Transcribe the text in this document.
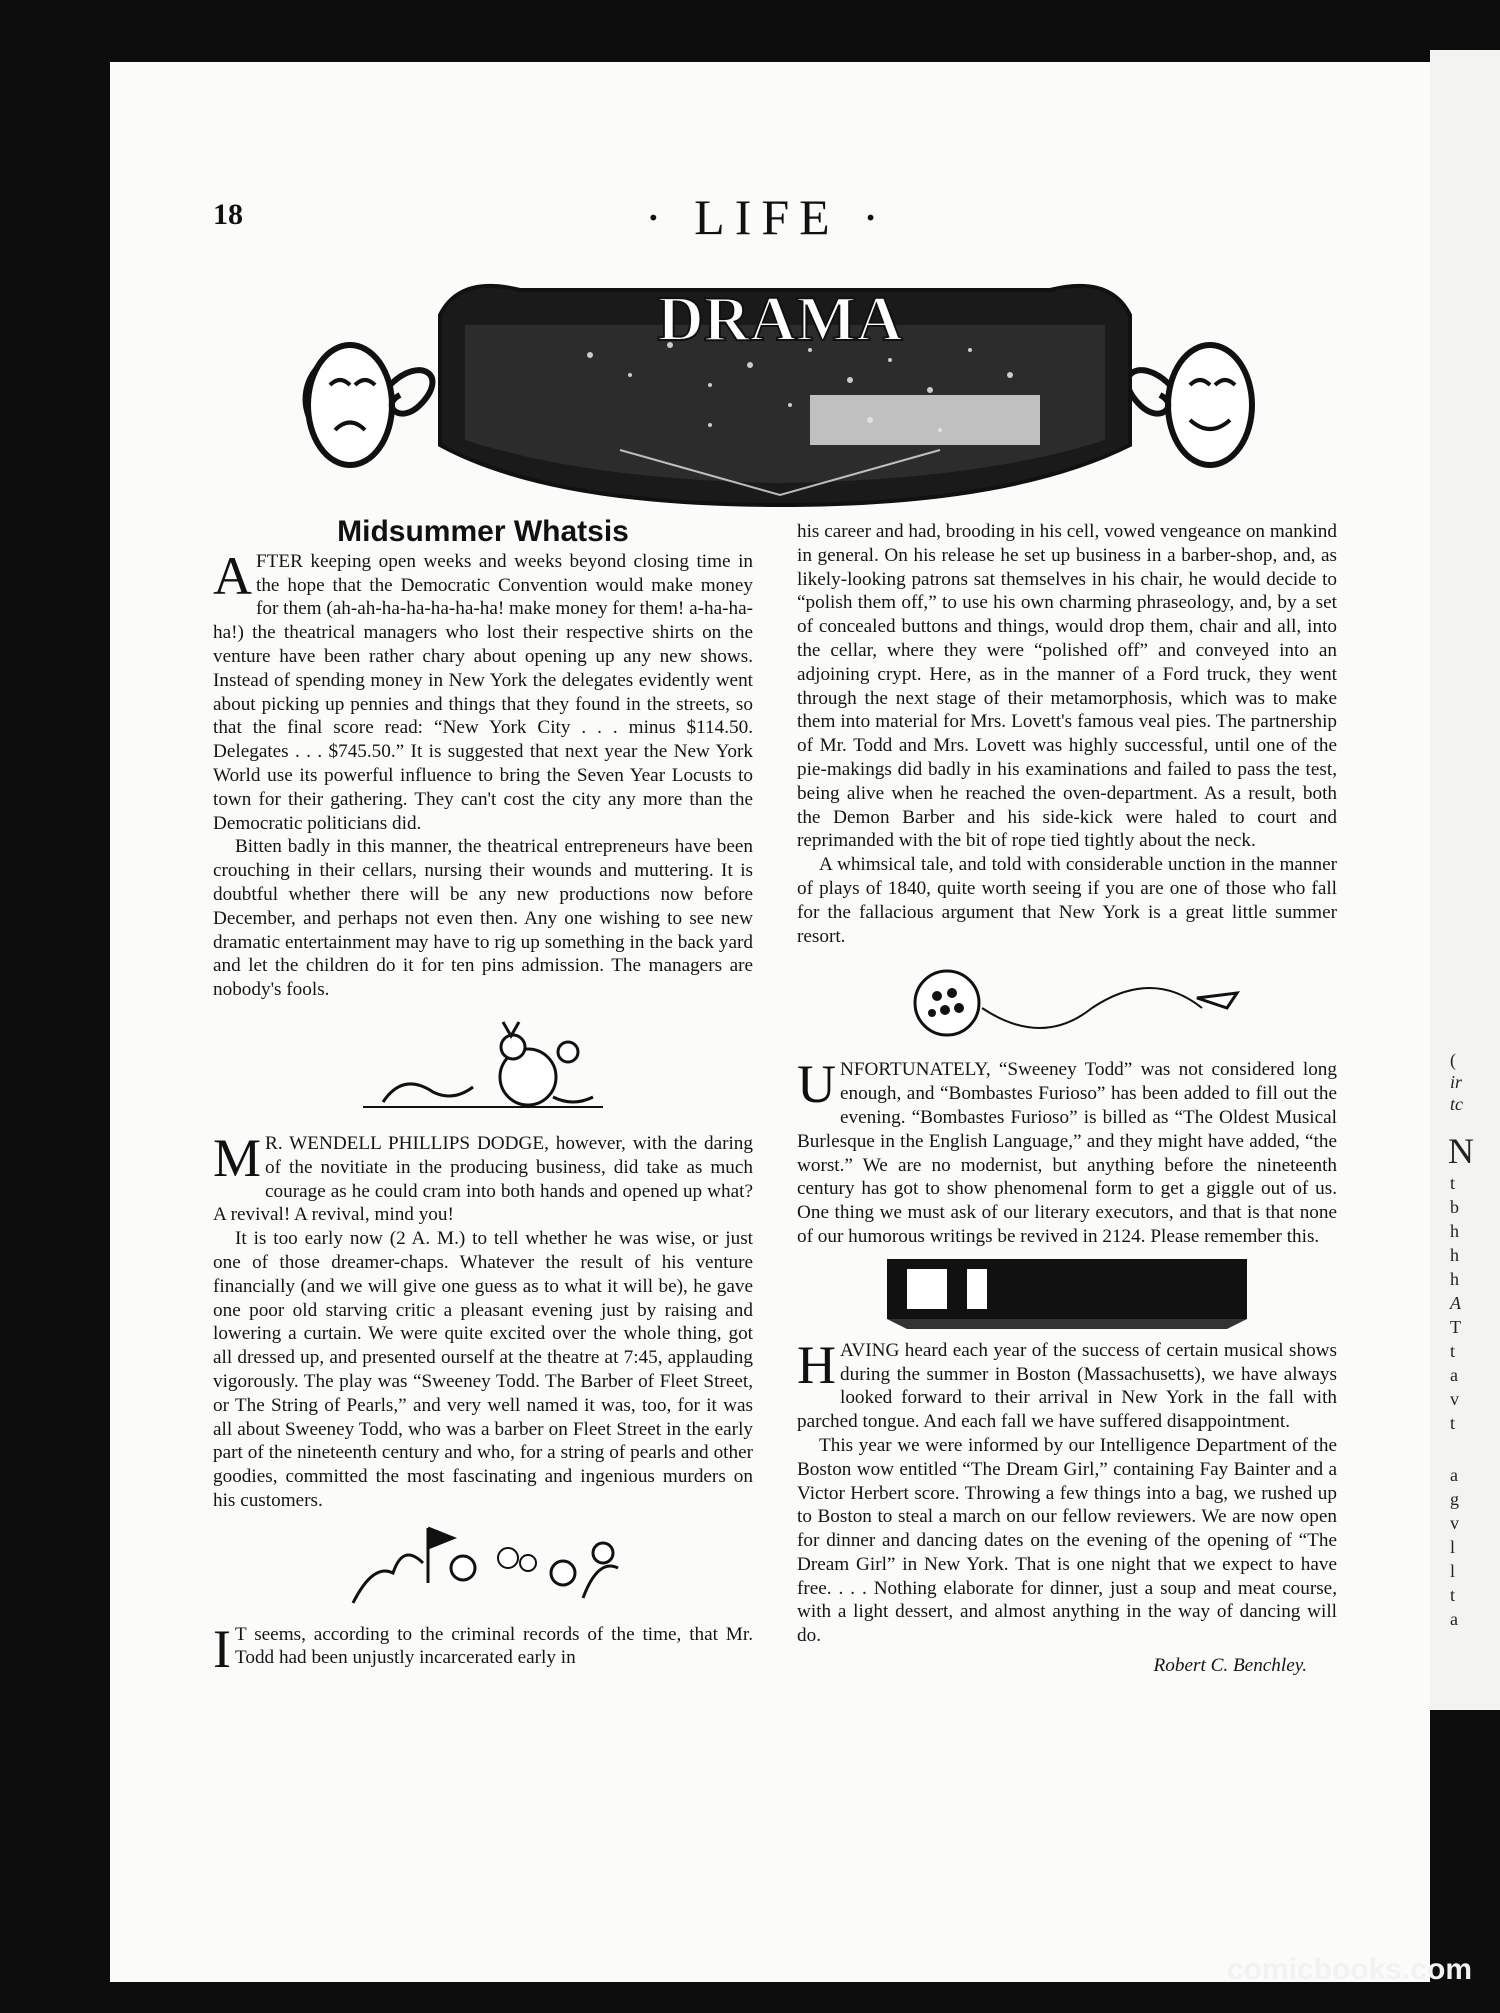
(
ir
tc
N
t
b
h
h
h
A
T
t
a
v
t
a
g
v
l
l
t
a
18	· LIFE ·
DRAMA
Midsummer Whatsis

AFTER keeping open weeks and weeks beyond closing time in the hope that the Democratic Convention would make money for them (ah-ah-ha-ha-ha-ha-ha! make money for them! a-ha-ha-ha!) the theatrical managers who lost their respective shirts on the venture have been rather chary about opening up any new shows. Instead of spending money in New York the delegates evidently went about picking up pennies and things that they found in the streets, so that the final score read: “New York City . . . minus $114.50. Delegates . . . $745.50.” It is suggested that next year the New York World use its powerful influence to bring the Seven Year Locusts to town for their gathering. They can't cost the city any more than the Democratic politicians did.

Bitten badly in this manner, the theatrical entrepreneurs have been crouching in their cellars, nursing their wounds and muttering. It is doubtful whether there will be any new productions now before December, and perhaps not even then. Any one wishing to see new dramatic entertainment may have to rig up something in the back yard and let the children do it for ten pins admission. The managers are nobody's fools.

M R. WENDELL PHILLIPS DODGE, however, with the daring of the novitiate in the producing business, did take as much courage as he could cram into both hands and opened up what? A revival! A revival, mind you!

It is too early now (2 A. M.) to tell whether he was wise, or just one of those dreamer-chaps. Whatever the result of his venture financially (and we will give one guess as to what it will be), he gave one poor old starving critic a pleasant evening just by raising and lowering a curtain. We were quite excited over the whole thing, got all dressed up, and presented ourself at the theatre at 7:45, applauding vigorously. The play was “Sweeney Todd. The Barber of Fleet Street, or The String of Pearls,” and very well named it was, too, for it was all about Sweeney Todd, who was a barber on Fleet Street in the early part of the nineteenth century and who, for a string of pearls and other goodies, committed the most fascinating and ingenious murders on his customers.

I T seems, according to the criminal records of the time, that Mr. Todd had been unjustly incarcerated early in

his career and had, brooding in his cell, vowed vengeance on mankind in general. On his release he set up business in a barber-shop, and, as likely-looking patrons sat themselves in his chair, he would decide to “polish them off,” to use his own charming phraseology, and, by a set of concealed buttons and things, would drop them, chair and all, into the cellar, where they were “polished off” and conveyed into an adjoining crypt. Here, as in the manner of a Ford truck, they went through the next stage of their metamorphosis, which was to make them into material for Mrs. Lovett's famous veal pies. The partnership of Mr. Todd and Mrs. Lovett was highly successful, until one of the pie-makings did badly in his examinations and failed to pass the test, being alive when he reached the oven-department. As a result, both the Demon Barber and his side-kick were haled to court and reprimanded with the bit of rope tied tightly about the neck.

A whimsical tale, and told with considerable unction in the manner of plays of 1840, quite worth seeing if you are one of those who fall for the fallacious argument that New York is a great little summer resort.

UNFORTUNATELY, “Sweeney Todd” was not considered long enough, and “Bombastes Furioso” has been added to fill out the evening. “Bombastes Furioso” is billed as “The Oldest Musical Burlesque in the English Language,” and they might have added, “the worst.” We are no modernist, but anything before the nineteenth century has got to show phenomenal form to get a giggle out of us. One thing we must ask of our literary executors, and that is that none of our humorous writings be revived in 2124. Please remember this.

HAVING heard each year of the success of certain musical shows during the summer in Boston (Massachusetts), we have always looked forward to their arrival in New York in the fall with parched tongue. And each fall we have suffered disappointment.

This year we were informed by our Intelligence Department of the Boston wow entitled “The Dream Girl,” containing Fay Bainter and a Victor Herbert score. Throwing a few things into a bag, we rushed up to Boston to steal a march on our fellow reviewers. We are now open for dinner and dancing dates on the evening of the opening of “The Dream Girl” in New York. That is one night that we expect to have free. . . . Nothing elaborate for dinner, just a soup and meat course, with a light dessert, and almost anything in the way of dancing will do.

Robert C. Benchley.
comicbooks.com
